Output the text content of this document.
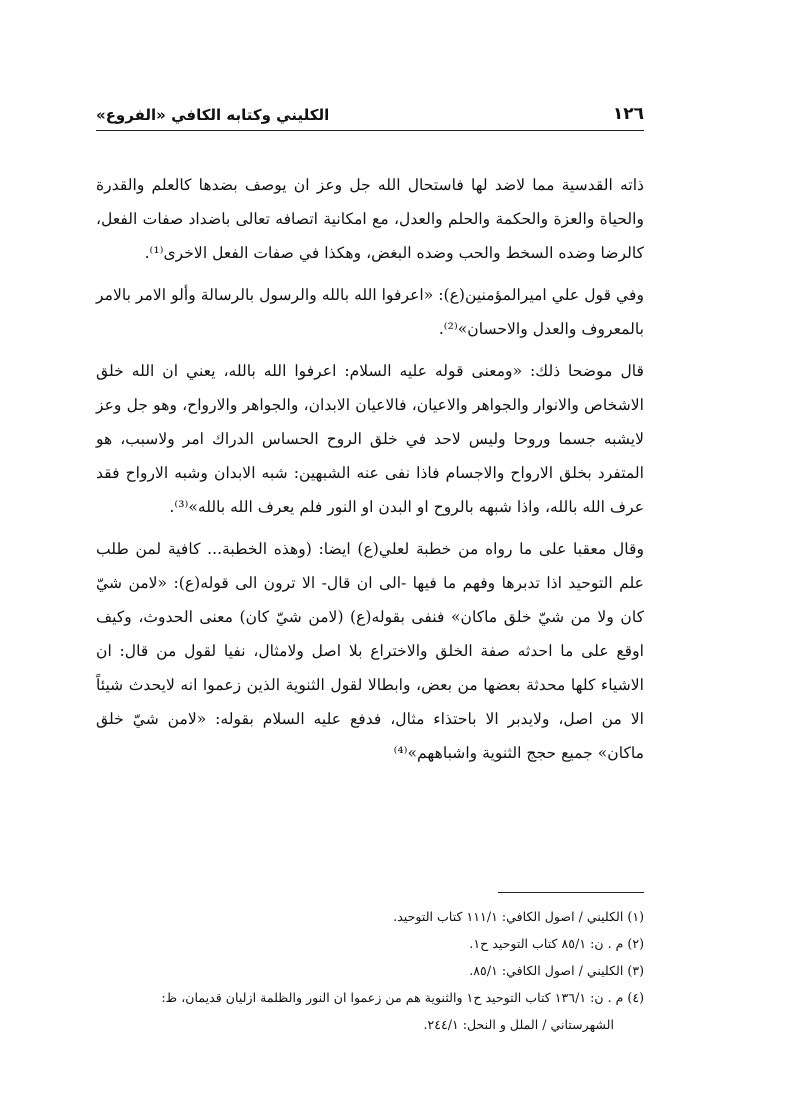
١٢٦
الكليني وكتابه الكافي «الفروع»

ذاته القدسية مما لاضد لها فاستحال الله جل وعز ان يوصف بضدها كالعلم والقدرة والحياة والعزة والحكمة والحلم والعدل، مع امكانية اتصافه تعالى باضداد صفات الفعل، كالرضا وضده السخط والحب وضده البغض، وهكذا في صفات الفعل الاخرى⁽¹⁾.

وفي قول علي اميرالمؤمنين(ع): «اعرفوا الله بالله والرسول بالرسالة وألو الامر بالامر بالمعروف والعدل والاحسان»⁽²⁾.

قال موضحا ذلك: «ومعنى قوله عليه السلام: اعرفوا الله بالله، يعني ان الله خلق الاشخاص والانوار والجواهر والاعيان، فالاعيان الابدان، والجواهر والارواح، وهو جل وعز لايشبه جسما وروحا وليس لاحد في خلق الروح الحساس الدراك امر ولاسبب، هو المتفرد بخلق الارواح والاجسام فاذا نفى عنه الشبهين: شبه الابدان وشبه الارواح فقد عرف الله بالله، واذا شبهه بالروح او البدن او النور فلم يعرف الله بالله»⁽³⁾.

وقال معقبا على ما رواه من خطبة لعلي(ع) ايضا: (وهذه الخطبة... كافية لمن طلب علم التوحيد اذا تدبرها وفهم ما فيها -الى ان قال- الا ترون الى قوله(ع): «لامن شيّ كان ولا من شيّ خلق ماكان» فنفى بقوله(ع) (لامن شيّ كان) معنى الحدوث، وكيف اوقع على ما احدثه صفة الخلق والاختراع بلا اصل ولامثال، نفيا لقول من قال: ان الاشياء كلها محدثة بعضها من بعض، وابطالا لقول الثنوية الذين زعموا انه لايحدث شيئاً الا من اصل، ولايدبر الا باحتذاء مثال، فدفع عليه السلام بقوله: «لامن شيّ خلق ماكان» جميع حجج الثنوية واشباههم»⁽⁴⁾

(١) الكليني / اصول الكافي: ١١١/١ كتاب التوحيد.

(٢) م . ن: ٨٥/١ كتاب التوحيد ح١.

(٣) الكليني / اصول الكافي: ٨٥/١.

(٤) م . ن: ١٣٦/١ كتاب التوحيد ح١ والثنوية هم من زعموا ان النور والظلمة ازليان قديمان، ظ:

الشهرستاني / الملل و النحل: ٢٤٤/١.
